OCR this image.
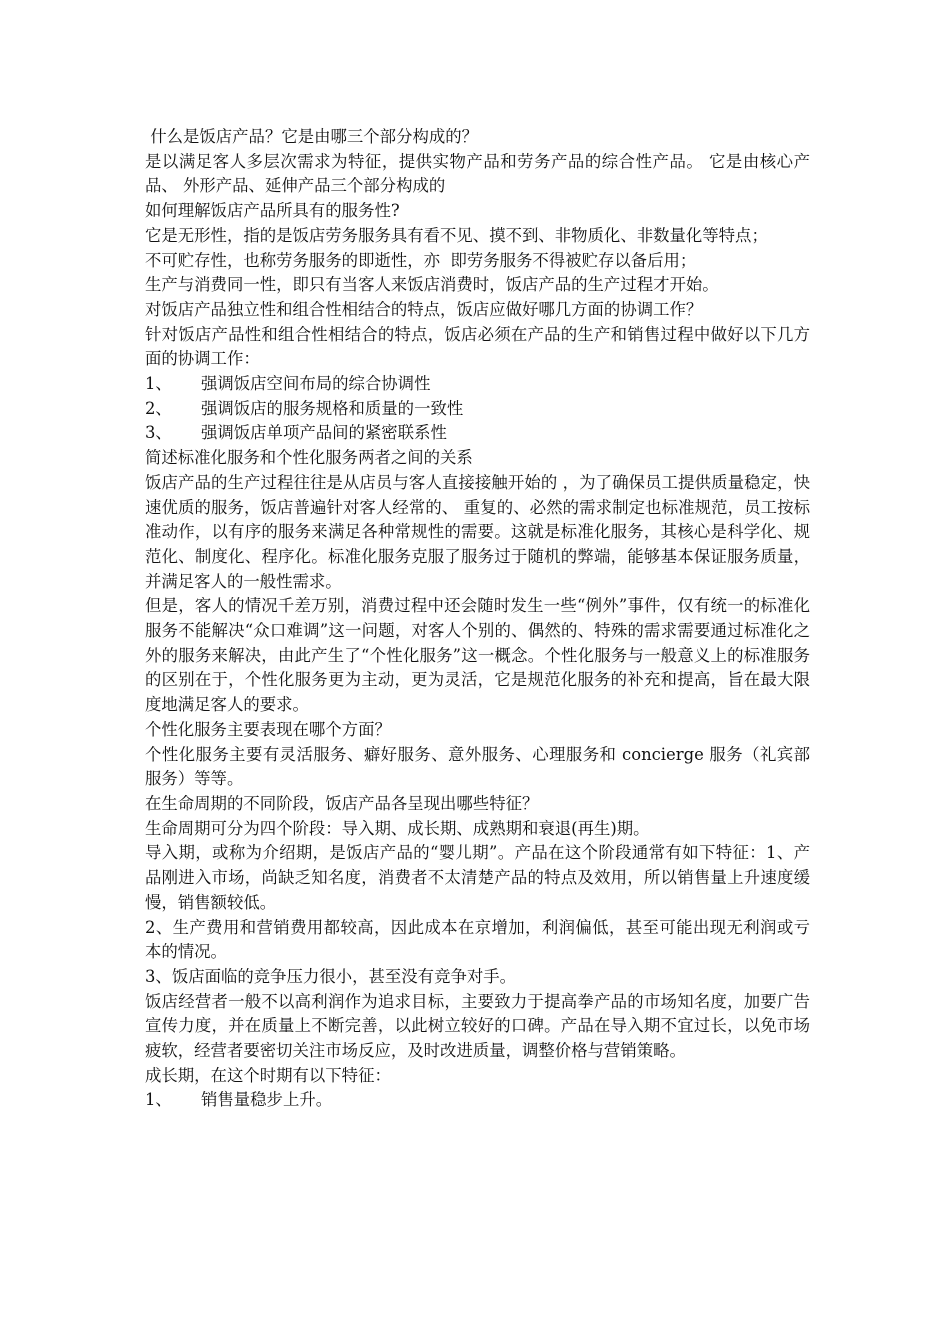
什么是饭店产品？它是由哪三个部分构成的？

是以满足客人多层次需求为特征，提供实物产品和劳务产品的综合性产品。 它是由核心产品、 外形产品、延伸产品三个部分构成的

如何理解饭店产品所具有的服务性?

它是无形性，指的是饭店劳务服务具有看不见、摸不到、非物质化、非数量化等特点；

不可贮存性，也称劳务服务的即逝性，亦  即劳务服务不得被贮存以备后用；

生产与消费同一性，即只有当客人来饭店消费时，饭店产品的生产过程才开始。

对饭店产品独立性和组合性相结合的特点，饭店应做好哪几方面的协调工作？

针对饭店产品性和组合性相结合的特点，饭店必须在产品的生产和销售过程中做好以下几方面的协调工作：

1、	强调饭店空间布局的综合协调性
2、	强调饭店的服务规格和质量的一致性
3、	强调饭店单项产品间的紧密联系性

简述标准化服务和个性化服务两者之间的关系

饭店产品的生产过程往往是从店员与客人直接接触开始的 ，为了确保员工提供质量稳定，快速优质的服务，饭店普遍针对客人经常的、 重复的、必然的需求制定也标准规范，员工按标准动作，以有序的服务来满足各种常规性的需要。这就是标准化服务，其核心是科学化、规范化、制度化、程序化。标准化服务克服了服务过于随机的弊端，能够基本保证服务质量，并满足客人的一般性需求。

但是，客人的情况千差万别，消费过程中还会随时发生一些“例外”事件，仅有统一的标准化服务不能解决“众口难调”这一问题，对客人个别的、偶然的、特殊的需求需要通过标准化之外的服务来解决，由此产生了“个性化服务”这一概念。个性化服务与一般意义上的标准服务的区别在于，个性化服务更为主动，更为灵活，它是规范化服务的补充和提高，旨在最大限度地满足客人的要求。

个性化服务主要表现在哪个方面？

个性化服务主要有灵活服务、癖好服务、意外服务、心理服务和 concierge 服务（礼宾部服务）等等。

在生命周期的不同阶段，饭店产品各呈现出哪些特征？

生命周期可分为四个阶段：导入期、成长期、成熟期和衰退(再生)期。

导入期，或称为介绍期，是饭店产品的“婴儿期”。产品在这个阶段通常有如下特征：1、产品刚进入市场，尚缺乏知名度，消费者不太清楚产品的特点及效用，所以销售量上升速度缓慢，销售额较低。

2、生产费用和营销费用都较高，因此成本在京增加，利润偏低，甚至可能出现无利润或亏本的情况。

3、饭店面临的竞争压力很小，甚至没有竞争对手。

饭店经营者一般不以高利润作为追求目标，主要致力于提高拳产品的市场知名度，加要广告宣传力度，并在质量上不断完善，以此树立较好的口碑。产品在导入期不宜过长，以免市场疲软，经营者要密切关注市场反应，及时改进质量，调整价格与营销策略。

成长期，在这个时期有以下特征：

1、	销售量稳步上升。
